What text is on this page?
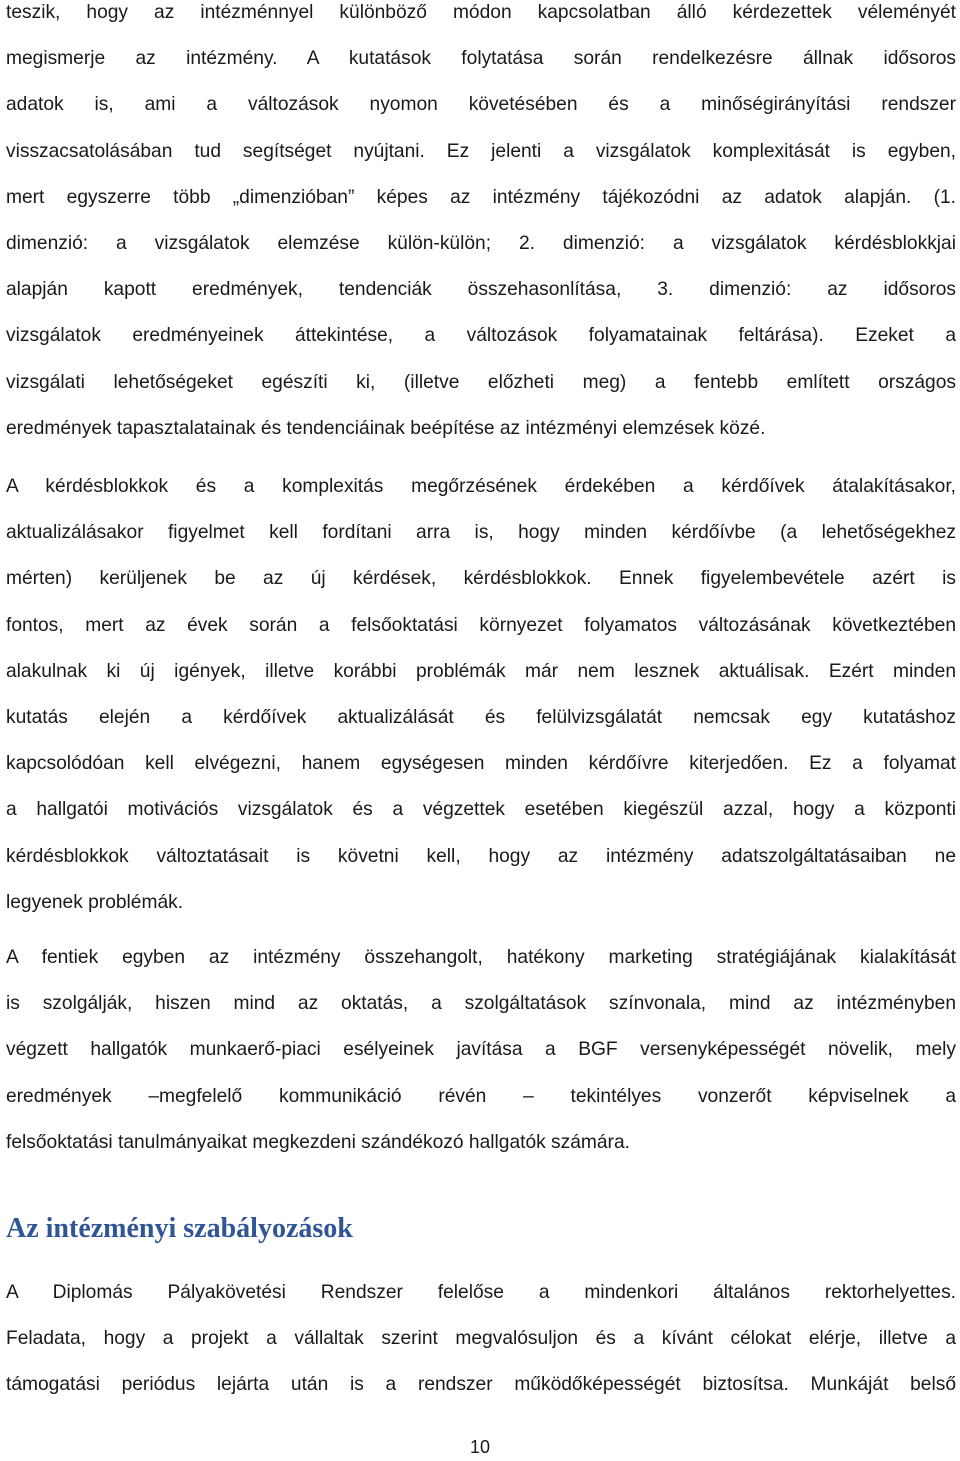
teszik, hogy az intézménnyel különböző módon kapcsolatban álló kérdezettek véleményét
megismerje az intézmény. A kutatások folytatása során rendelkezésre állnak idősoros
adatok is, ami a változások nyomon követésében és a minőségirányítási rendszer
visszacsatolásában tud segítséget nyújtani. Ez jelenti a vizsgálatok komplexitását is egyben,
mert egyszerre több „dimenzióban” képes az intézmény tájékozódni az adatok alapján. (1.
dimenzió: a vizsgálatok elemzése külön-külön; 2. dimenzió: a vizsgálatok kérdésblokkjai
alapján kapott eredmények, tendenciák összehasonlítása, 3. dimenzió: az idősoros
vizsgálatok eredményeinek áttekintése, a változások folyamatainak feltárása). Ezeket a
vizsgálati lehetőségeket egészíti ki, (illetve előzheti meg) a fentebb említett országos
eredmények tapasztalatainak és tendenciáinak beépítése az intézményi elemzések közé.

A kérdésblokkok és a komplexitás megőrzésének érdekében a kérdőívek átalakításakor,
aktualizálásakor figyelmet kell fordítani arra is, hogy minden kérdőívbe (a lehetőségekhez
mérten) kerüljenek be az új kérdések, kérdésblokkok. Ennek figyelembevétele azért is
fontos, mert az évek során a felsőoktatási környezet folyamatos változásának következtében
alakulnak ki új igények, illetve korábbi problémák már nem lesznek aktuálisak. Ezért minden
kutatás elején a kérdőívek aktualizálását és felülvizsgálatát nemcsak egy kutatáshoz
kapcsolódóan kell elvégezni, hanem egységesen minden kérdőívre kiterjedően. Ez a folyamat
a hallgatói motivációs vizsgálatok és a végzettek esetében kiegészül azzal, hogy a központi
kérdésblokkok változtatásait is követni kell, hogy az intézmény adatszolgáltatásaiban ne
legyenek problémák.

A fentiek egyben az intézmény összehangolt, hatékony marketing stratégiájának kialakítását
is szolgálják, hiszen mind az oktatás, a szolgáltatások színvonala, mind az intézményben
végzett hallgatók munkaerő-piaci esélyeinek javítása a BGF versenyképességét növelik, mely
eredmények –megfelelő kommunikáció révén – tekintélyes vonzerőt képviselnek a
felsőoktatási tanulmányaikat megkezdeni szándékozó hallgatók számára.

Az intézményi szabályozások

A Diplomás Pályakövetési Rendszer felelőse a mindenkori általános rektorhelyettes.
Feladata, hogy a projekt a vállaltak szerint megvalósuljon és a kívánt célokat elérje, illetve a
támogatási periódus lejárta után is a rendszer működőképességét biztosítsa. Munkáját belső

10
